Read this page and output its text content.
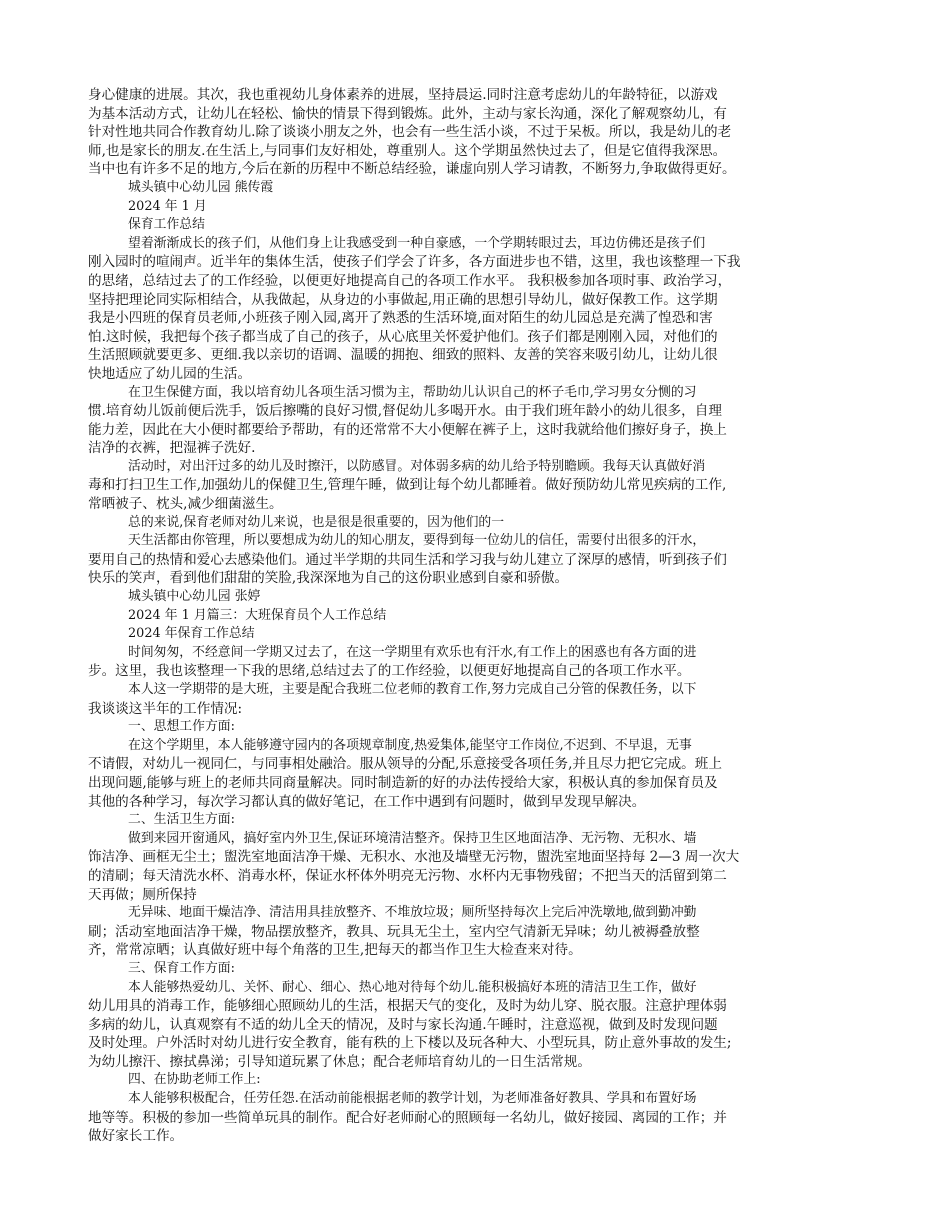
身心健康的进展。其次，我也重视幼儿身体素养的进展，坚持晨运.同时注意考虑幼儿的年龄特征，以游戏
为基本活动方式，让幼儿在轻松、愉快的情景下得到锻炼。此外，主动与家长沟通，深化了解观察幼儿，有
针对性地共同合作教育幼儿.除了谈谈小朋友之外，也会有一些生活小谈，不过于呆板。所以，我是幼儿的老
师,也是家长的朋友.在生活上,与同事们友好相处，尊重别人。这个学期虽然快过去了，但是它值得我深思。
当中也有许多不足的地方,今后在新的历程中不断总结经验，谦虚向别人学习请教，不断努力,争取做得更好。
城头镇中心幼儿园 熊传霞
2024 年 1 月
保育工作总结
望着渐渐成长的孩子们，从他们身上让我感受到一种自豪感，一个学期转眼过去，耳边仿佛还是孩子们
刚入园时的喧闹声。近半年的集体生活，使孩子们学会了许多，各方面进步也不错，这里，我也该整理一下我
的思绪，总结过去了的工作经验，以便更好地提高自己的各项工作水平。 我积极参加各项时事、政治学习，
坚持把理论同实际相结合，从我做起，从身边的小事做起,用正确的思想引导幼儿，做好保教工作。这学期
我是小四班的保育员老师,小班孩子刚入园,离开了熟悉的生活环境,面对陌生的幼儿园总是充满了惶恐和害
怕.这时候，我把每个孩子都当成了自己的孩子，从心底里关怀爱护他们。孩子们都是刚刚入园，对他们的
生活照顾就要更多、更细.我以亲切的语调、温暖的拥抱、细致的照料、友善的笑容来吸引幼儿，让幼儿很
快地适应了幼儿园的生活。
在卫生保健方面，我以培育幼儿各项生活习惯为主，帮助幼儿认识自己的杯子毛巾,学习男女分恻的习
惯.培育幼儿饭前便后洗手，饭后擦嘴的良好习惯,督促幼儿多喝开水。由于我们班年龄小的幼儿很多，自理
能力差，因此在大小便时都要给予帮助，有的还常常不大小便解在裤子上，这时我就给他们擦好身子，换上
洁净的衣裤，把湿裤子洗好.
活动时，对出汗过多的幼儿及时擦汗，以防感冒。对体弱多病的幼儿给予特别瞻顾。我每天认真做好消
毒和打扫卫生工作,加强幼儿的保健卫生,管理午睡，做到让每个幼儿都睡着。做好预防幼儿常见疾病的工作,
常晒被子、枕头,减少细菌滋生。
总的来说,保育老师对幼儿来说，也是很是很重要的，因为他们的一
天生活都由你管理，所以要想成为幼儿的知心朋友，要得到每一位幼儿的信任，需要付出很多的汗水，
要用自己的热情和爱心去感染他们。通过半学期的共同生活和学习我与幼儿建立了深厚的感情，听到孩子们
快乐的笑声，看到他们甜甜的笑脸,我深深地为自己的这份职业感到自豪和骄傲。
城头镇中心幼儿园 张婷
2024 年 1 月篇三：大班保育员个人工作总结
2024 年保育工作总结
时间匆匆，不经意间一学期又过去了，在这一学期里有欢乐也有汗水,有工作上的困惑也有各方面的进
步。这里，我也该整理一下我的思绪,总结过去了的工作经验，以便更好地提高自己的各项工作水平。
本人这一学期带的是大班，主要是配合我班二位老师的教育工作,努力完成自己分管的保教任务，以下
我谈谈这半年的工作情况:
一、思想工作方面:
在这个学期里，本人能够遵守园内的各项规章制度,热爱集体,能坚守工作岗位,不迟到、不早退，无事
不请假，对幼儿一视同仁，与同事相处融洽。服从领导的分配,乐意接受各项任务,并且尽力把它完成。班上
出现问题,能够与班上的老师共同商量解决。同时制造新的好的办法传授给大家，积极认真的参加保育员及
其他的各种学习，每次学习都认真的做好笔记，在工作中遇到有问题时，做到早发现早解决。
二、生活卫生方面:
做到来园开窗通风，搞好室内外卫生,保证环境清洁整齐。保持卫生区地面洁净、无污物、无积水、墙
饰洁净、画框无尘土；盥洗室地面洁净干燥、无积水、水池及墙壁无污物，盥洗室地面坚持每 2—3 周一次大
的清刷；每天清洗水杯、消毒水杯，保证水杯体外明亮无污物、水杯内无事物残留；不把当天的活留到第二
天再做；厕所保持
无异味、地面干燥洁净、清洁用具挂放整齐、不堆放垃圾；厕所坚持每次上完后冲洗墩地,做到勤冲勤
刷；活动室地面洁净干燥，物品摆放整齐，教具、玩具无尘土，室内空气清新无异味；幼儿被褥叠放整
齐，常常凉晒；认真做好班中每个角落的卫生,把每天的都当作卫生大检查来对待。
三、保育工作方面:
本人能够热爱幼儿、关怀、耐心、细心、热心地对待每个幼儿.能积极搞好本班的清洁卫生工作，做好
幼儿用具的消毒工作，能够细心照顾幼儿的生活，根据天气的变化，及时为幼儿穿、脱衣服。注意护理体弱
多病的幼儿，认真观察有不适的幼儿全天的情况，及时与家长沟通.午睡时，注意巡视，做到及时发现问题
及时处理。户外活时对幼儿进行安全教育，能有秩的上下楼以及玩各种大、小型玩具，防止意外事故的发生;
为幼儿擦汗、擦拭鼻涕；引导知道玩累了休息；配合老师培育幼儿的一日生活常规。
四、在协助老师工作上:
本人能够积极配合，任劳任怨.在活动前能根据老师的教学计划，为老师准备好教具、学具和布置好场
地等等。积极的参加一些简单玩具的制作。配合好老师耐心的照顾每一名幼儿，做好接园、离园的工作；并
做好家长工作。
